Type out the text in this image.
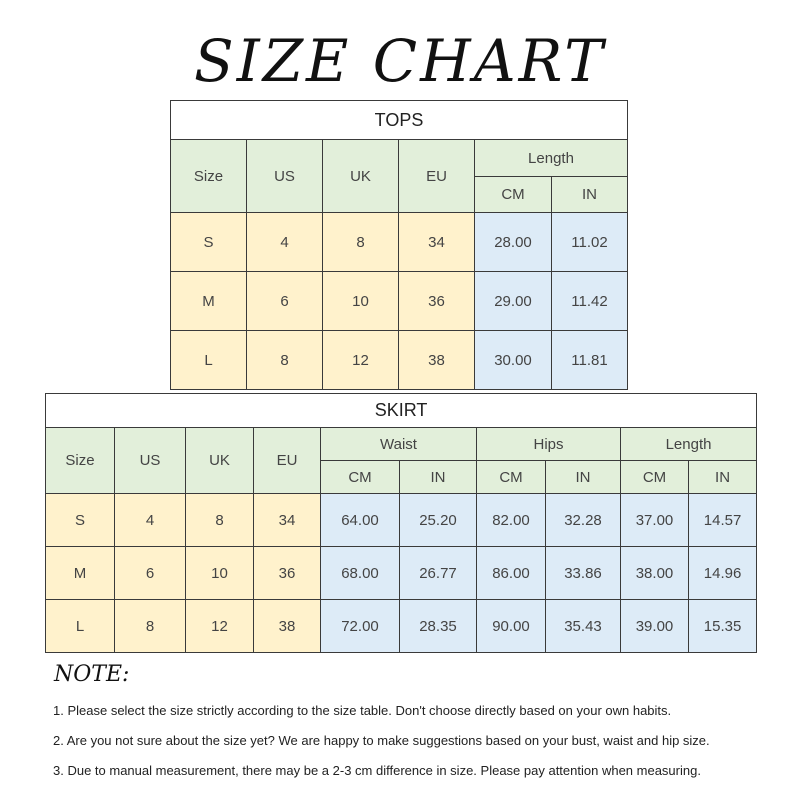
SIZE CHART
TOPS					
Size	US	UK	EU	Length	
				CM	IN
S	4	8	34	28.00	11.02
M	6	10	36	29.00	11.42
L	8	12	38	30.00	11.81
SKIRT									
Size	US	UK	EU	Waist		Hips		Length	
				CM	IN	CM	IN	CM	IN
S	4	8	34	64.00	25.20	82.00	32.28	37.00	14.57
M	6	10	36	68.00	26.77	86.00	33.86	38.00	14.96
L	8	12	38	72.00	28.35	90.00	35.43	39.00	15.35
NOTE:
1. Please select the size strictly according to the size table. Don't choose directly based on your own habits.
2. Are you not sure about the size yet? We are happy to make suggestions based on your bust, waist and hip size.
3. Due to manual measurement, there may be a 2-3 cm difference in size. Please pay attention when measuring.
